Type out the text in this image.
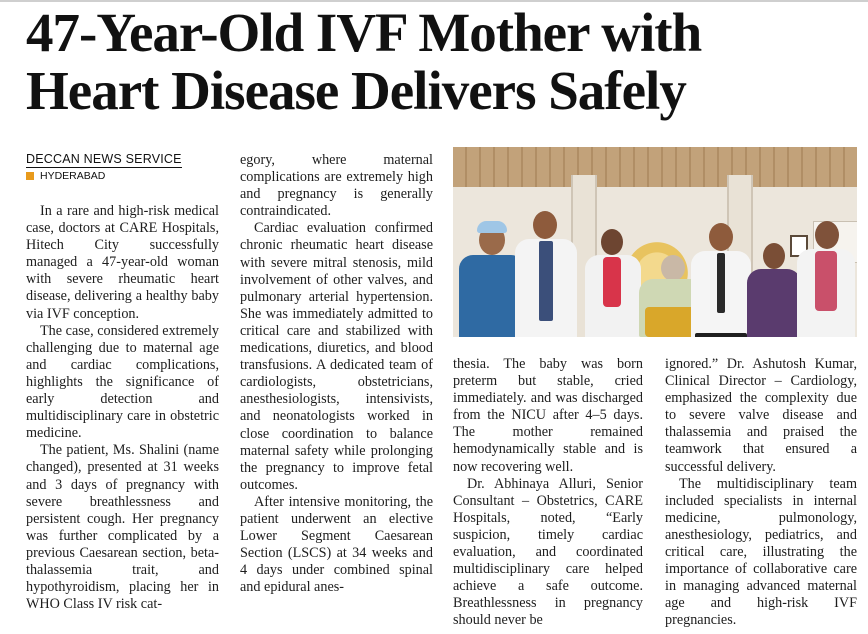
47-Year-Old IVF Mother with
Heart Disease Delivers Safely
DECCAN NEWS SERVICE
HYDERABAD

In a rare and high-risk medical case, doctors at CARE Hospitals, Hitech City successfully managed a 47-year-old woman with severe rheumatic heart disease, delivering a healthy baby via IVF conception.

The case, considered extremely challenging due to maternal age and cardiac complications, highlights the significance of early detection and multidisciplinary care in obstetric medicine.

The patient, Ms. Shalini (name changed), presented at 31 weeks and 3 days of pregnancy with severe breathlessness and persistent cough. Her pregnancy was further complicated by a previous Caesarean section, beta-thalassemia trait, and hypothyroidism, placing her in WHO Class IV risk cat-

egory, where maternal complications are extremely high and pregnancy is generally contraindicated.

Cardiac evaluation confirmed chronic rheumatic heart disease with severe mitral stenosis, mild involvement of other valves, and pulmonary arterial hypertension. She was immediately admitted to critical care and stabilized with medications, diuretics, and blood transfusions. A dedicated team of cardiologists, obstetricians, anesthesiologists, intensivists, and neonatologists worked in close coordination to balance maternal safety while prolonging the pregnancy to improve fetal outcomes.

After intensive monitoring, the patient underwent an elective Lower Segment Caesarean Section (LSCS) at 34 weeks and 4 days under combined spinal and epidural anes-

thesia. The baby was born preterm but stable, cried immediately. and was discharged from the NICU after 4–5 days. The mother remained hemodynamically stable and is now recovering well.

Dr. Abhinaya Alluri, Senior Consultant – Obstetrics, CARE Hospitals, noted, “Early suspicion, timely cardiac evaluation, and coordinated multidisciplinary care helped achieve a safe outcome. Breathlessness in pregnancy should never be

ignored.” Dr. Ashutosh Kumar, Clinical Director – Cardiology, emphasized the complexity due to severe valve disease and thalassemia and praised the teamwork that ensured a successful delivery.

The multidisciplinary team included specialists in internal medicine, pulmonology, anesthesiology, pediatrics, and critical care, illustrating the importance of collaborative care in managing advanced maternal age and high-risk IVF pregnancies.
